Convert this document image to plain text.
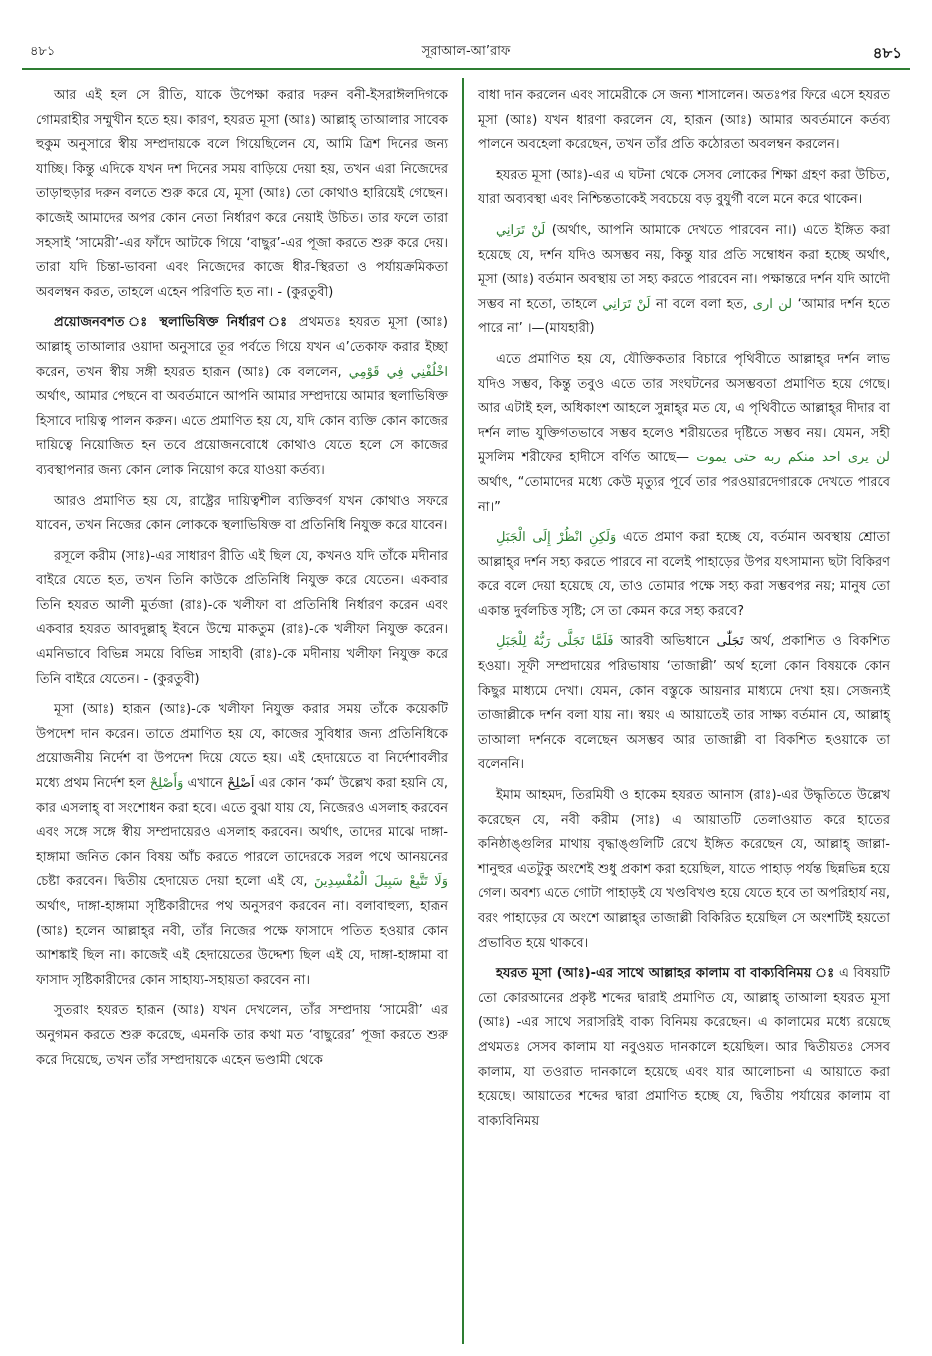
৪৮১	সূরাআল-আ’রাফ	৪৮১

আর এই হল সে রীতি, যাকে উপেক্ষা করার দরুন বনী-ইসরাঈলদিগকে গোমরাহীর সম্মুখীন হতে হয়। কারণ, হযরত মূসা (আঃ) আল্লাহ্‌ তাআলার সাবেক হুকুম অনুসারে স্বীয় সম্প্রদায়কে বলে গিয়েছিলেন যে, আমি ত্রিশ দিনের জন্য যাচ্ছি। কিন্তু এদিকে যখন দশ দিনের সময় বাড়িয়ে দেয়া হয়, তখন এরা নিজেদের তাড়াহুড়ার দরুন বলতে শুরু করে যে, মূসা (আঃ) তো কোথাও হারিয়েই গেছেন। কাজেই আমাদের অপর কোন নেতা নির্ধারণ করে নেয়াই উচিত। তার ফলে তারা সহসাই ‘সামেরী’-এর ফাঁদে আটকে গিয়ে ‘বাছুর’-এর পূজা করতে শুরু করে দেয়। তারা যদি চিন্তা-ভাবনা এবং নিজেদের কাজে ধীর-স্থিরতা ও পর্যায়ক্রমিকতা অবলম্বন করত, তাহলে এহেন পরিণতি হত না। - (কুরতুবী)

প্রয়োজনবশত ঃ স্থলাভিষিক্ত নির্ধারণ ঃ প্রথমতঃ হযরত মূসা (আঃ) আল্লাহ্‌ তাআলার ওয়াদা অনুসারে তূর পর্বতে গিয়ে যখন এ’তেকাফ করার ইচ্ছা করেন, তখন স্বীয় সঙ্গী হযরত হারূন (আঃ) কে বললেন, اخْلُفْنِي فِي قَوْمِي অর্থাৎ, আমার পেছনে বা অবর্তমানে আপনি আমার সম্প্রদায়ে আমার স্থলাভিষিক্ত হিসাবে দায়িত্ব পালন করুন। এতে প্রমাণিত হয় যে, যদি কোন ব্যক্তি কোন কাজের দায়িত্বে নিয়োজিত হন তবে প্রয়োজনবোধে কোথাও যেতে হলে সে কাজের ব্যবস্থাপনার জন্য কোন লোক নিয়োগ করে যাওয়া কর্তব্য।

আরও প্রমাণিত হয় যে, রাষ্ট্রের দায়িত্বশীল ব্যক্তিবর্গ যখন কোথাও সফরে যাবেন, তখন নিজের কোন লোককে স্থলাভিষিক্ত বা প্রতিনিধি নিযুক্ত করে যাবেন।

রসূলে করীম (সাঃ)-এর সাধারণ রীতি এই ছিল যে, কখনও যদি তাঁকে মদীনার বাইরে যেতে হত, তখন তিনি কাউকে প্রতিনিধি নিযুক্ত করে যেতেন। একবার তিনি হযরত আলী মুর্তজা (রাঃ)-কে খলীফা বা প্রতিনিধি নির্ধারণ করেন এবং একবার হযরত আবদুল্লাহ্‌ ইবনে উম্মে মাকতুম (রাঃ)-কে খলীফা নিযুক্ত করেন। এমনিভাবে বিভিন্ন সময়ে বিভিন্ন সাহাবী (রাঃ)-কে মদীনায় খলীফা নিযুক্ত করে তিনি বাইরে যেতেন। - (কুরতুবী)

মূসা (আঃ) হারূন (আঃ)-কে খলীফা নিযুক্ত করার সময় তাঁকে কয়েকটি উপদেশ দান করেন। তাতে প্রমাণিত হয় যে, কাজের সুবিধার জন্য প্রতিনিধিকে প্রয়োজনীয় নির্দেশ বা উপদেশ দিয়ে যেতে হয়। এই হেদায়েতে বা নির্দেশাবলীর মধ্যে প্রথম নির্দেশ হল وَأَصْلِحْ এখানে اَصْلِحْ এর কোন ‘কর্ম’ উল্লেখ করা হয়নি যে, কার এসলাহ্‌ বা সংশোধন করা হবে। এতে বুঝা যায় যে, নিজেরও এসলাহ করবেন এবং সঙ্গে সঙ্গে স্বীয় সম্প্রদায়েরও এসলাহ করবেন। অর্থাৎ, তাদের মাঝে দাঙ্গা-হাঙ্গামা জনিত কোন বিষয় আঁচ করতে পারলে তাদেরকে সরল পথে আনয়নের চেষ্টা করবেন। দ্বিতীয় হেদায়েত দেয়া হলো এই যে, وَلَا تَتَّبِعْ سَبِيلَ الْمُفْسِدِينَ অর্থাৎ, দাঙ্গা-হাঙ্গামা সৃষ্টিকারীদের পথ অনুসরণ করবেন না। বলাবাহুল্য, হারূন (আঃ) হলেন আল্লাহ্‌র নবী, তাঁর নিজের পক্ষে ফাসাদে পতিত হওয়ার কোন আশঙ্কাই ছিল না। কাজেই এই হেদায়েতের উদ্দেশ্য ছিল এই যে, দাঙ্গা-হাঙ্গামা বা ফাসাদ সৃষ্টিকারীদের কোন সাহায্য-সহায়তা করবেন না।

সুতরাং হযরত হারূন (আঃ) যখন দেখলেন, তাঁর সম্প্রদায় ‘সামেরী’ এর অনুগমন করতে শুরু করেছে, এমনকি তার কথা মত ‘বাছুরের’ পূজা করতে শুরু করে দিয়েছে, তখন তাঁর সম্প্রদায়কে এহেন ভণ্ডামী থেকে

বাধা দান করলেন এবং সামেরীকে সে জন্য শাসালেন। অতঃপর ফিরে এসে হযরত মূসা (আঃ) যখন ধারণা করলেন যে, হারূন (আঃ) আমার অবর্তমানে কর্তব্য পালনে অবহেলা করেছেন, তখন তাঁর প্রতি কঠোরতা অবলম্বন করলেন।

হযরত মূসা (আঃ)-এর এ ঘটনা থেকে সেসব লোকের শিক্ষা গ্রহণ করা উচিত, যারা অব্যবস্থা এবং নিশ্চিন্ততাকেই সবচেয়ে বড় বুযুর্গী বলে মনে করে থাকেন।

لَنْ تَرَانِي (অর্থাৎ, আপনি আমাকে দেখতে পারবেন না।) এতে ইঙ্গিত করা হয়েছে যে, দর্শন যদিও অসম্ভব নয়, কিন্তু যার প্রতি সম্বোধন করা হচ্ছে অর্থাৎ, মূসা (আঃ) বর্তমান অবস্থায় তা সহ্য করতে পারবেন না। পক্ষান্তরে দর্শন যদি আদৌ সম্ভব না হতো, তাহলে لَنْ تَرَانِي না বলে বলা হত, لن ارى ‘আমার দর্শন হতে পারে না’ ।—(মাযহারী)

এতে প্রমাণিত হয় যে, যৌক্তিকতার বিচারে পৃথিবীতে আল্লাহ্‌র দর্শন লাভ যদিও সম্ভব, কিন্তু তবুও এতে তার সংঘটনের অসম্ভবতা প্রমাণিত হয়ে গেছে। আর এটাই হল, অধিকাংশ আহলে সুন্নাহ্‌র মত যে, এ পৃথিবীতে আল্লাহ্‌র দীদার বা দর্শন লাভ যুক্তিগতভাবে সম্ভব হলেও শরীয়তের দৃষ্টিতে সম্ভব নয়। যেমন, সহী মুসলিম শরীফের হাদীসে বর্ণিত আছে— لن يرى احد منكم ربه حتى يموت অর্থাৎ, “তোমাদের মধ্যে কেউ মৃত্যুর পূর্বে তার পরওয়ারদেগারকে দেখতে পারবে না।”

وَلَكِنِ انْظُرْ إِلَى الْجَبَلِ এতে প্রমাণ করা হচ্ছে যে, বর্তমান অবস্থায় শ্রোতা আল্লাহ্‌র দর্শন সহ্য করতে পারবে না বলেই পাহাড়ের উপর যৎসামান্য ছটা বিকিরণ করে বলে দেয়া হয়েছে যে, তাও তোমার পক্ষে সহ্য করা সম্ভবপর নয়; মানুষ তো একান্ত দুর্বলচিত্ত সৃষ্টি; সে তা কেমন করে সহ্য করবে?

فَلَمَّا تَجَلَّى رَبُّهُ لِلْجَبَلِ আরবী অভিধানে تَجَلّٰى অর্থ, প্রকাশিত ও বিকশিত হওয়া। সূফী সম্প্রদায়ের পরিভাষায় ‘তাজাল্লী’ অর্থ হলো কোন বিষয়কে কোন কিছুর মাধ্যমে দেখা। যেমন, কোন বস্তুকে আয়নার মাধ্যমে দেখা হয়। সেজন্যই তাজাল্লীকে দর্শন বলা যায় না। স্বয়ং এ আয়াতেই তার সাক্ষ্য বর্তমান যে, আল্লাহ্‌ তাআলা দর্শনকে বলেছেন অসম্ভব আর তাজাল্লী বা বিকশিত হওয়াকে তা বলেননি।

ইমাম আহমদ, তিরমিযী ও হাকেম হযরত আনাস (রাঃ)-এর উদ্ধৃতিতে উল্লেখ করেছেন যে, নবী করীম (সাঃ) এ আয়াতটি তেলাওয়াত করে হাতের কনিষ্ঠাঙ্গুলির মাথায় বৃদ্ধাঙ্গুলিটি রেখে ইঙ্গিত করেছেন যে, আল্লাহ্‌ জাল্লা-শানুহুর এতটুকু অংশেই শুধু প্রকাশ করা হয়েছিল, যাতে পাহাড় পর্যন্ত ছিন্নভিন্ন হয়ে গেল। অবশ্য এতে গোটা পাহাড়ই যে খণ্ডবিখণ্ড হয়ে যেতে হবে তা অপরিহার্য নয়, বরং পাহাড়ের যে অংশে আল্লাহ্‌র তাজাল্লী বিকিরিত হয়েছিল সে অংশটিই হয়তো প্রভাবিত হয়ে থাকবে।

হযরত মূসা (আঃ)-এর সাথে আল্লাহর কালাম বা বাক্যবিনিময় ঃ এ বিষয়টি তো কোরআনের প্রকৃষ্ট শব্দের দ্বারাই প্রমাণিত যে, আল্লাহ্‌ তাআলা হযরত মূসা (আঃ) -এর সাথে সরাসরিই বাক্য বিনিময় করেছেন। এ কালামের মধ্যে রয়েছে প্রথমতঃ সেসব কালাম যা নবুওয়ত দানকালে হয়েছিল। আর দ্বিতীয়তঃ সেসব কালাম, যা তওরাত দানকালে হয়েছে এবং যার আলোচনা এ আয়াতে করা হয়েছে। আয়াতের শব্দের দ্বারা প্রমাণিত হচ্ছে যে, দ্বিতীয় পর্যায়ের কালাম বা বাক্যবিনিময়
